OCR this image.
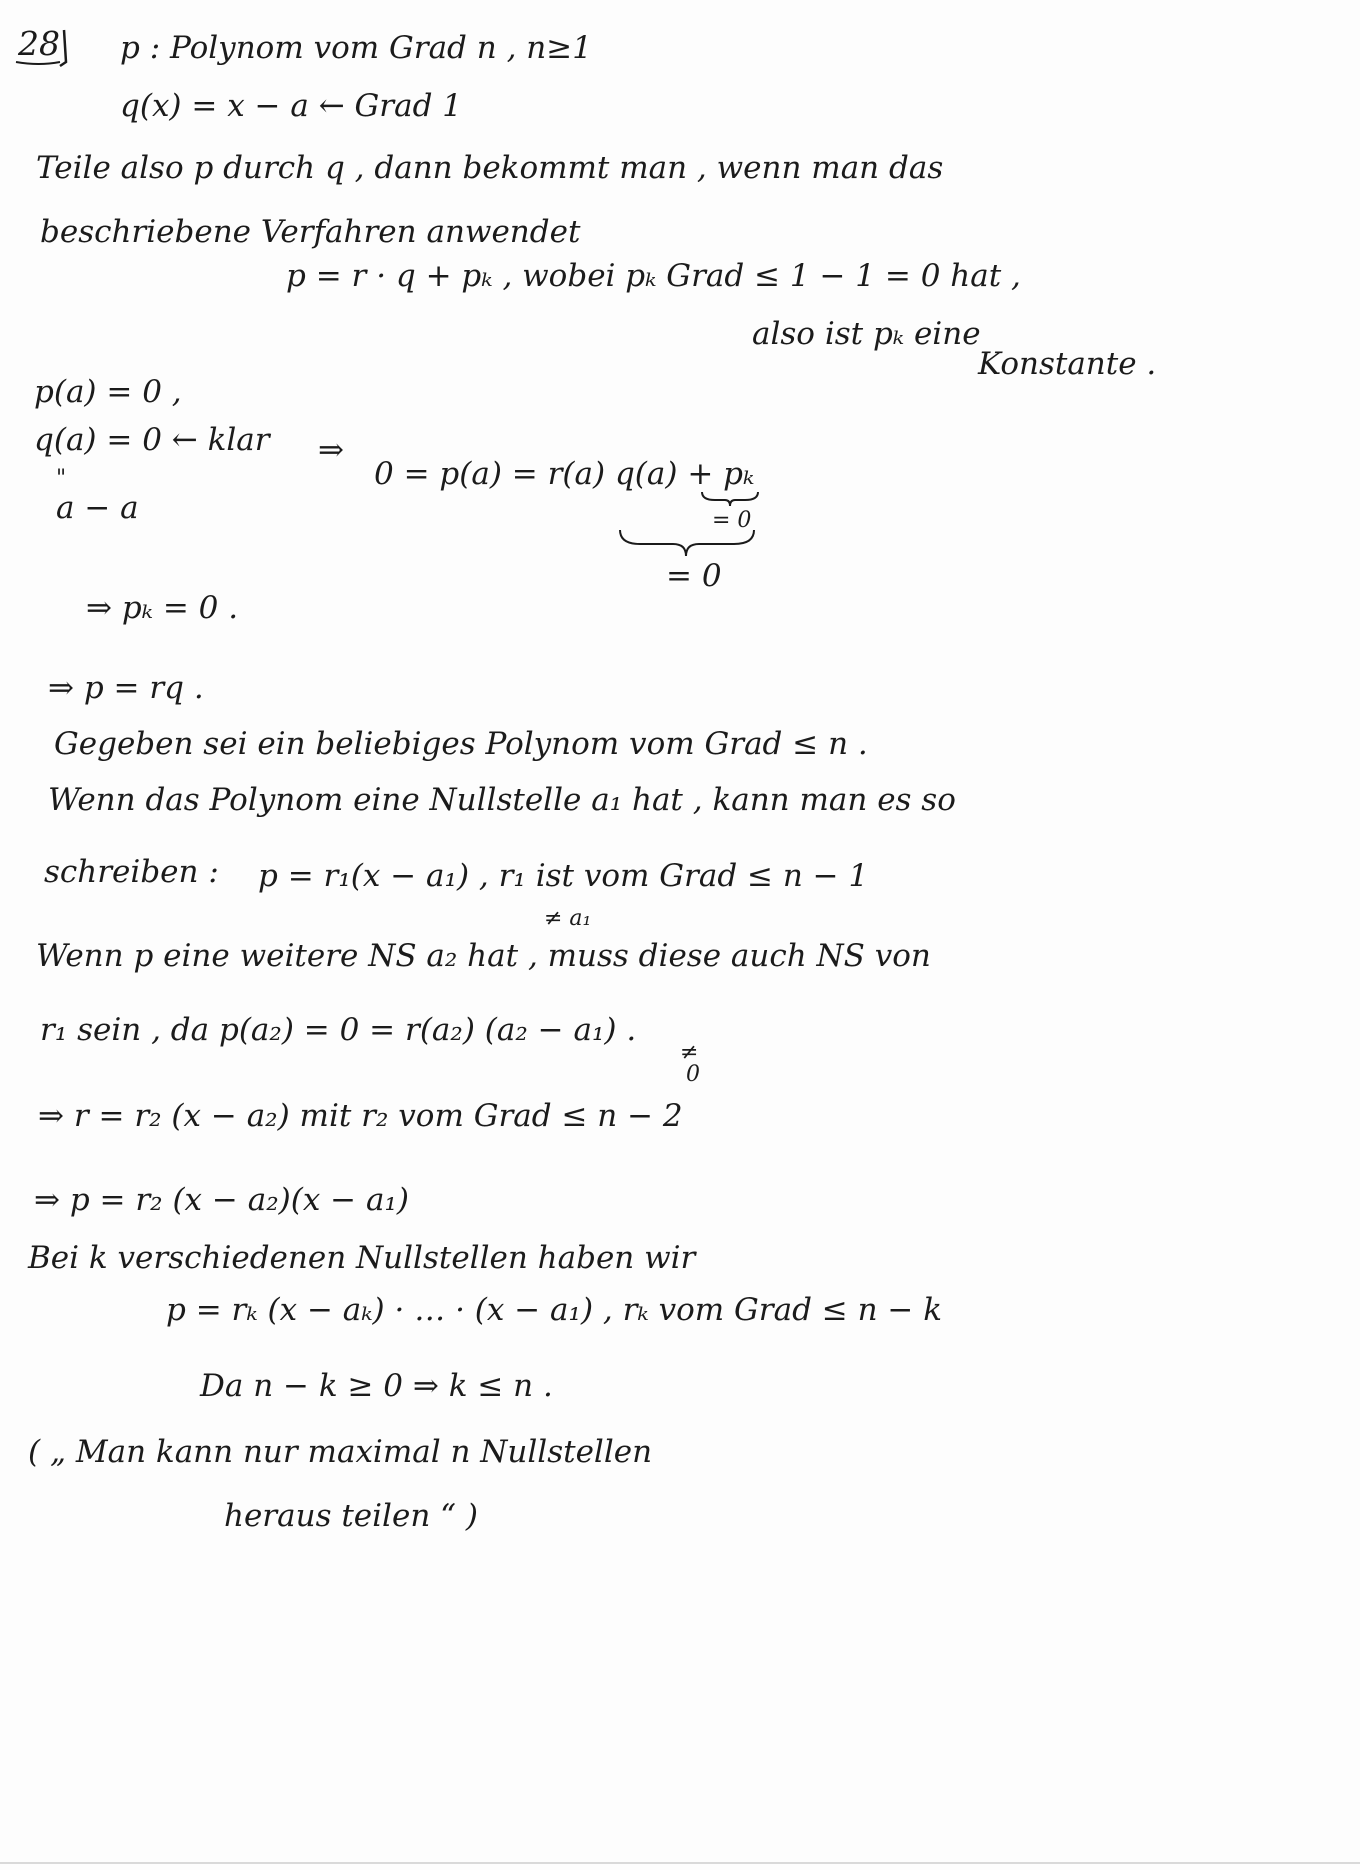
28 p : Polynom vom Grad n , n≥1
q(x) = x − a ← Grad 1
Teile also p durch q , dann bekommt man , wenn man das
beschriebene Verfahren anwendet
p = r · q + pₖ , wobei pₖ Grad ≤ 1 − 1 = 0 hat ,
also ist pₖ eine
Konstante .
p(a) = 0 ,
q(a) = 0 ← klar
"
a − a
⇒
0 = p(a) = r(a) q(a) + pₖ
= 0
= 0
⇒ pₖ = 0 .
⇒ p = rq .
Gegeben sei ein beliebiges Polynom vom Grad ≤ n .
Wenn das Polynom eine Nullstelle a₁ hat , kann man es so
schreiben : p = r₁(x − a₁) , r₁ ist vom Grad ≤ n − 1
≠ a₁
Wenn p eine weitere NS a₂ hat , muss diese auch NS von
r₁ sein , da p(a₂) = 0 = r(a₂) (a₂ − a₁) .
≠
0
⇒ r = r₂ (x − a₂) mit r₂ vom Grad ≤ n − 2
⇒ p = r₂ (x − a₂)(x − a₁)
Bei k verschiedenen Nullstellen haben wir
p = rₖ (x − aₖ) · … · (x − a₁) , rₖ vom Grad ≤ n − k
Da n − k ≥ 0 ⇒ k ≤ n .
( „ Man kann nur maximal n Nullstellen
heraus teilen “ )
